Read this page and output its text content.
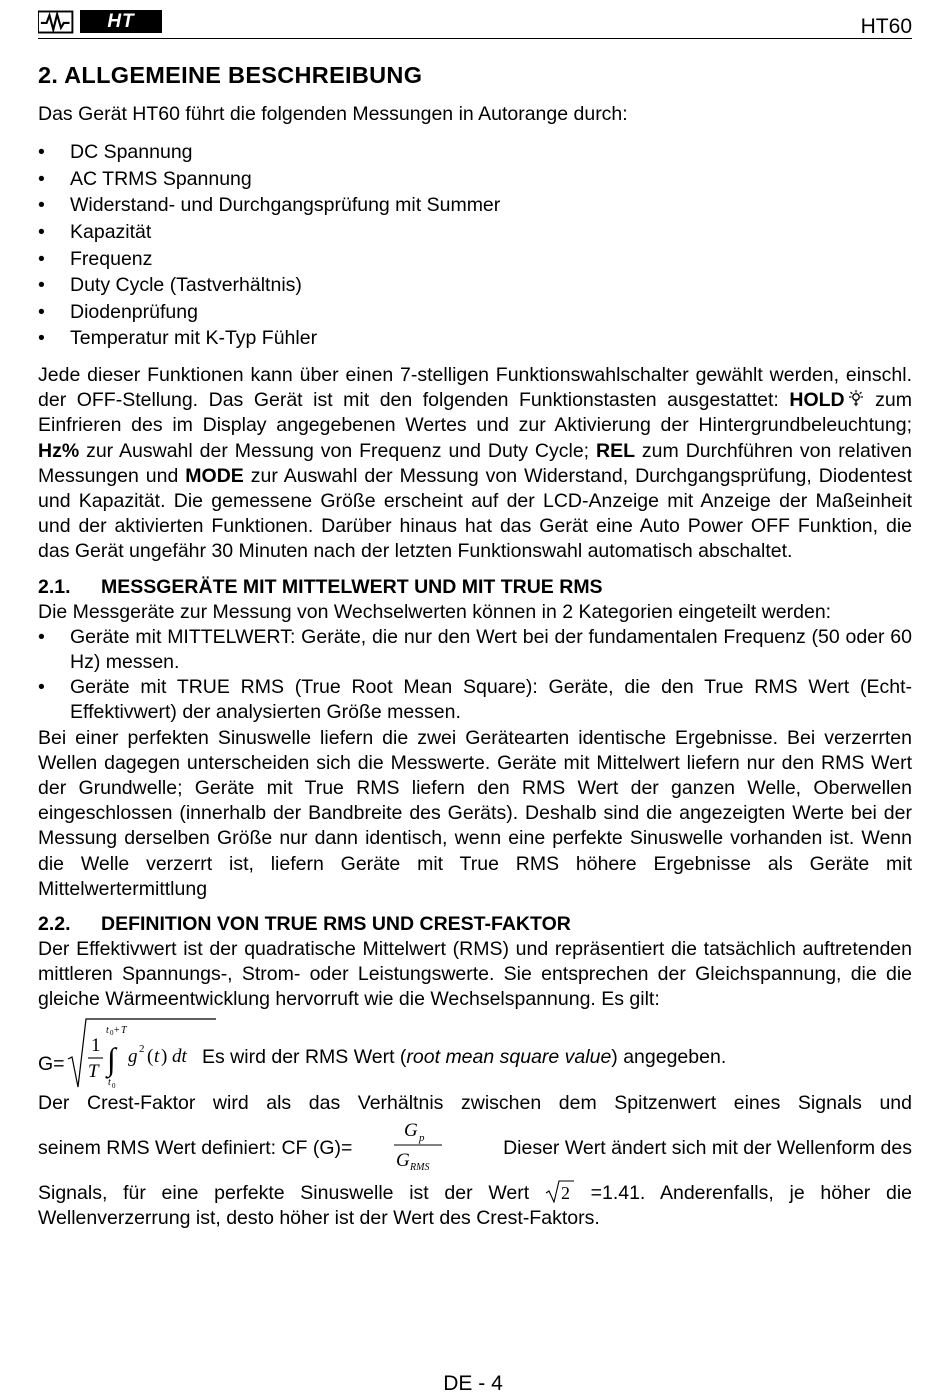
HT	HT60
2. ALLGEMEINE BESCHREIBUNG

Das Gerät HT60 führt die folgenden Messungen in Autorange durch:

• DC Spannung
• AC TRMS Spannung
• Widerstand- und Durchgangsprüfung mit Summer
• Kapazität
• Frequenz
• Duty Cycle (Tastverhältnis)
• Diodenprüfung
• Temperatur mit K-Typ Fühler

Jede dieser Funktionen kann über einen 7-stelligen Funktionswahlschalter gewählt werden, einschl. der OFF-Stellung. Das Gerät ist mit den folgenden Funktionstasten ausgestattet: HOLD zum Einfrieren des im Display angegebenen Wertes und zur Aktivierung der Hintergrundbeleuchtung; Hz% zur Auswahl der Messung von Frequenz und Duty Cycle; REL zum Durchführen von relativen Messungen und MODE zur Auswahl der Messung von Widerstand, Durchgangsprüfung, Diodentest und Kapazität. Die gemessene Größe erscheint auf der LCD-Anzeige mit Anzeige der Maßeinheit und der aktivierten Funktionen. Darüber hinaus hat das Gerät eine Auto Power OFF Funktion, die das Gerät ungefähr 30 Minuten nach der letzten Funktionswahl automatisch abschaltet.

2.1. MESSGERÄTE MIT MITTELWERT UND MIT TRUE RMS

Die Messgeräte zur Messung von Wechselwerten können in 2 Kategorien eingeteilt werden:

• Geräte mit MITTELWERT: Geräte, die nur den Wert bei der fundamentalen Frequenz (50 oder 60 Hz) messen.
• Geräte mit TRUE RMS (True Root Mean Square): Geräte, die den True RMS Wert (Echt-Effektivwert) der analysierten Größe messen.

Bei einer perfekten Sinuswelle liefern die zwei Gerätearten identische Ergebnisse. Bei verzerrten Wellen dagegen unterscheiden sich die Messwerte. Geräte mit Mittelwert liefern nur den RMS Wert der Grundwelle; Geräte mit True RMS liefern den RMS Wert der ganzen Welle, Oberwellen eingeschlossen (innerhalb der Bandbreite des Geräts). Deshalb sind die angezeigten Werte bei der Messung derselben Größe nur dann identisch, wenn eine perfekte Sinuswelle vorhanden ist. Wenn die Welle verzerrt ist, liefern Geräte mit True RMS höhere Ergebnisse als Geräte mit Mittelwertermittlung

2.2. DEFINITION VON TRUE RMS UND CREST-FAKTOR

Der Effektivwert ist der quadratische Mittelwert (RMS) und repräsentiert die tatsächlich auftretenden mittleren Spannungs-, Strom- oder Leistungswerte. Sie entsprechen der Gleichspannung, die die gleiche Wärmeentwicklung hervorruft wie die Wechselspannung. Es gilt:

G=
1
T
t 0 + T
∫
t 0
g 2 ( t ) dt Es wird der RMS Wert (root mean square value) angegeben.

Der Crest-Faktor wird als das Verhältnis zwischen dem Spitzenwert eines Signals und

seinem RMS Wert definiert: CF (G)=
G p
G RMS
Dieser Wert ändert sich mit der Wellenform des

Signals, für eine perfekte Sinuswelle ist der Wert 2 =1.41. Anderenfalls, je höher die

Wellenverzerrung ist, desto höher ist der Wert des Crest-Faktors.

DE - 4
